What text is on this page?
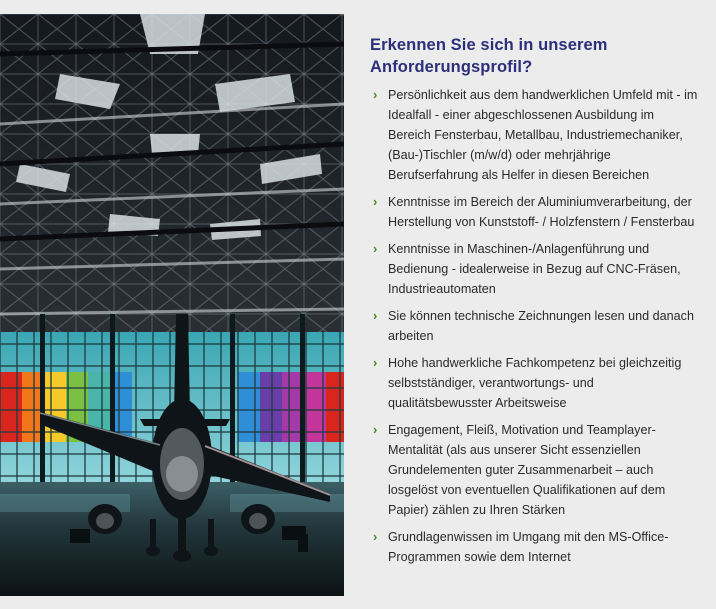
Erkennen Sie sich in unserem
Anforderungsprofil?
› Persönlichkeit aus dem handwerklichen Umfeld mit - im Idealfall - einer abgeschlossenen Ausbildung im Bereich Fensterbau, Metallbau, Industriemechaniker, (Bau-)Tischler (m/w/d) oder mehrjährige Berufserfahrung als Helfer in diesen Bereichen
› Kenntnisse im Bereich der Aluminiumverarbeitung, der Herstellung von Kunststoff- / Holzfenstern / Fensterbau
› Kenntnisse in Maschinen-/Anlagenführung und Bedienung - idealerweise in Bezug auf CNC-Fräsen, Industrieautomaten
› Sie können technische Zeichnungen lesen und danach arbeiten
› Hohe handwerkliche Fachkompetenz bei gleichzeitig selbstständiger, verantwortungs- und qualitätsbewusster Arbeitsweise
› Engagement, Fleiß, Motivation und Teamplayer-Mentalität (als aus unserer Sicht essenziellen Grundelementen guter Zusammenarbeit – auch losgelöst von eventuellen Qualifikationen auf dem Papier) zählen zu Ihren Stärken
› Grundlagenwissen im Umgang mit den MS-Office-Programmen sowie dem Internet
